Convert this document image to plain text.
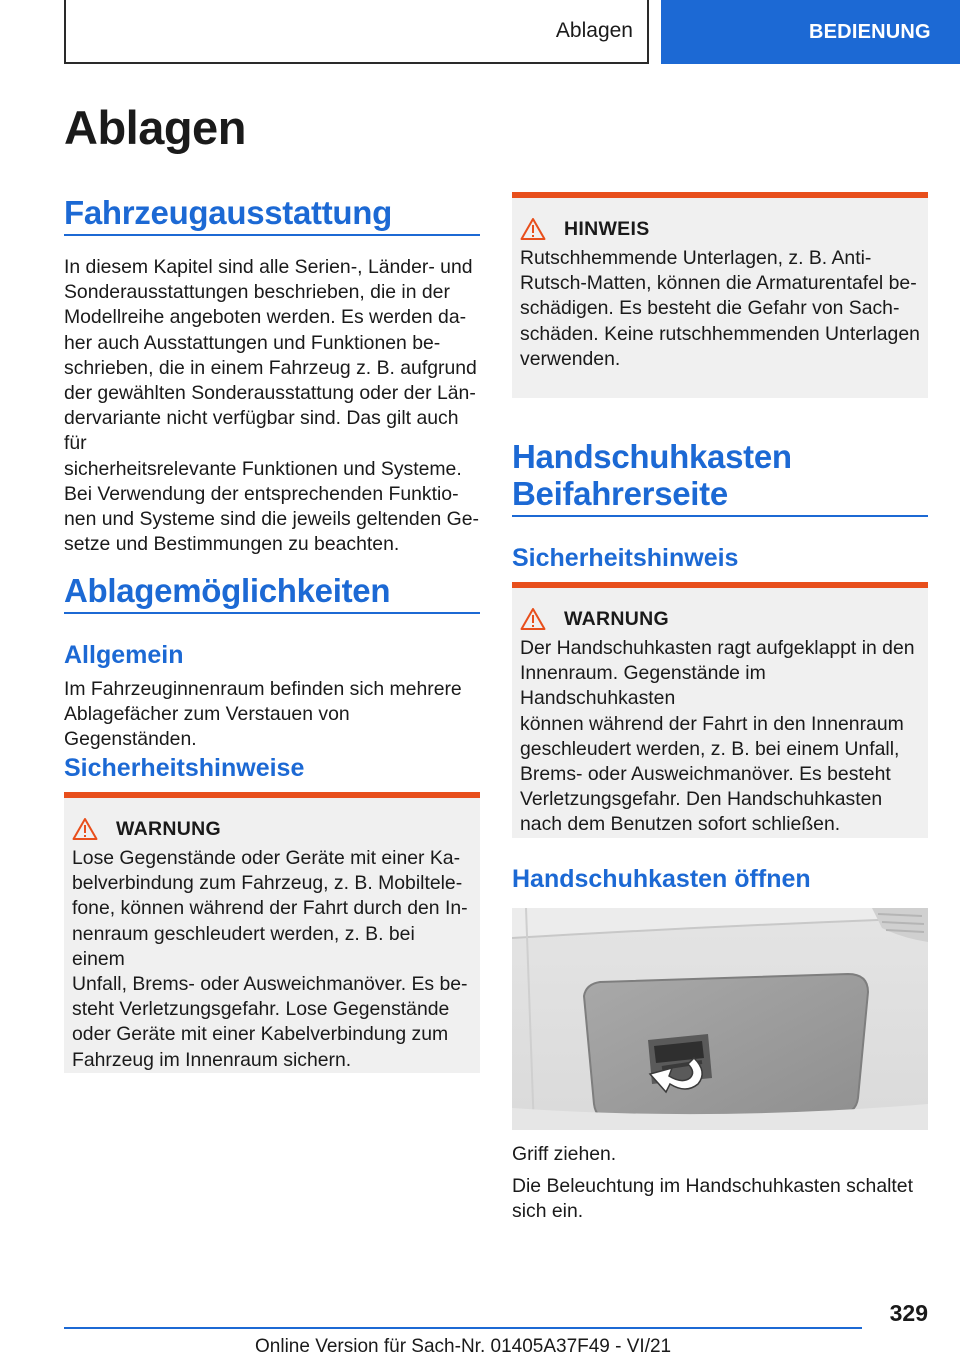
Ablagen	BEDIENUNG
Ablagen
Fahrzeugausstattung
In diesem Kapitel sind alle Serien-, Länder- und
Sonderausstattungen beschrieben, die in der
Modellreihe angeboten werden. Es werden da-
her auch Ausstattungen und Funktionen be-
schrieben, die in einem Fahrzeug z. B. aufgrund
der gewählten Sonderausstattung oder der Län-
dervariante nicht verfügbar sind. Das gilt auch für
sicherheitsrelevante Funktionen und Systeme.
Bei Verwendung der entsprechenden Funktio-
nen und Systeme sind die jeweils geltenden Ge-
setze und Bestimmungen zu beachten.
Ablagemöglichkeiten
Allgemein
Im Fahrzeuginnenraum befinden sich mehrere
Ablagefächer zum Verstauen von Gegenständen.
Sicherheitshinweise
WARNUNG
Lose Gegenstände oder Geräte mit einer Ka-
belverbindung zum Fahrzeug, z. B. Mobiltele-
fone, können während der Fahrt durch den In-
nenraum geschleudert werden, z. B. bei einem
Unfall, Brems- oder Ausweichmanöver. Es be-
steht Verletzungsgefahr. Lose Gegenstände
oder Geräte mit einer Kabelverbindung zum
Fahrzeug im Innenraum sichern.
HINWEIS
Rutschhemmende Unterlagen, z. B. Anti-
Rutsch-Matten, können die Armaturentafel be-
schädigen. Es besteht die Gefahr von Sach-
schäden. Keine rutschhemmenden Unterlagen
verwenden.
Handschuhkasten
Beifahrerseite
Sicherheitshinweis
WARNUNG
Der Handschuhkasten ragt aufgeklappt in den
Innenraum. Gegenstände im Handschuhkasten
können während der Fahrt in den Innenraum
geschleudert werden, z. B. bei einem Unfall,
Brems- oder Ausweichmanöver. Es besteht
Verletzungsgefahr. Den Handschuhkasten
nach dem Benutzen sofort schließen.
Handschuhkasten öffnen
Griff ziehen.
Die Beleuchtung im Handschuhkasten schaltet
sich ein.
329
Online Version für Sach-Nr. 01405A37F49 - VI/21
